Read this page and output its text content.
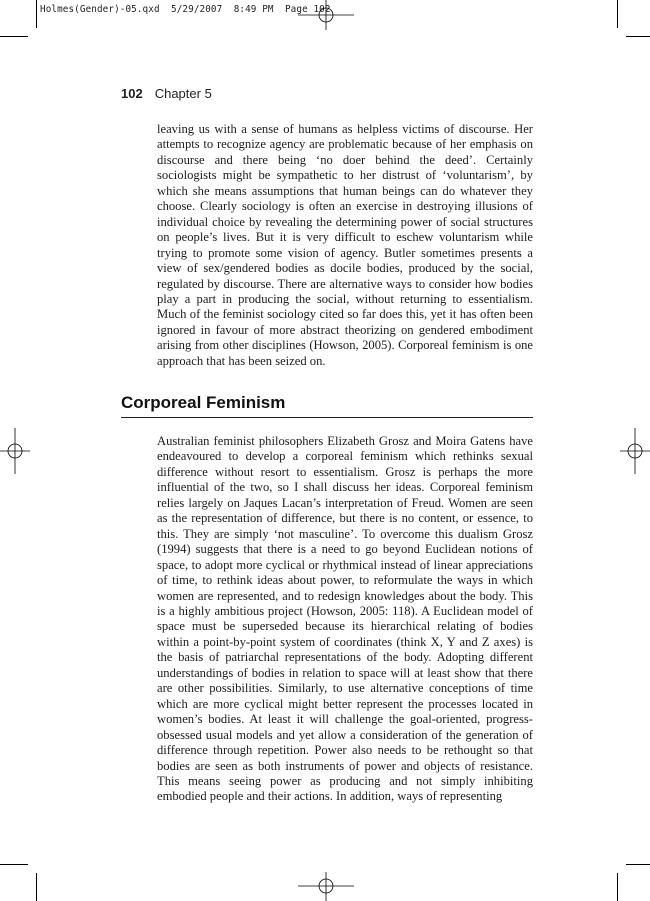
Holmes(Gender)-05.qxd  5/29/2007  8:49 PM  Page 102
102 Chapter 5

leaving us with a sense of humans as helpless victims of discourse. Her attempts to recognize agency are problematic because of her emphasis on discourse and there being ‘no doer behind the deed’. Certainly sociologists might be sympathetic to her distrust of ‘voluntarism’, by which she means assumptions that human beings can do whatever they choose. Clearly sociology is often an exercise in destroying illusions of individual choice by revealing the determining power of social structures on people’s lives. But it is very difficult to eschew voluntarism while trying to promote some vision of agency. Butler sometimes presents a view of sex/gendered bodies as docile bodies, produced by the social, regulated by discourse. There are alternative ways to consider how bodies play a part in producing the social, without returning to essentialism. Much of the feminist sociology cited so far does this, yet it has often been ignored in favour of more abstract theorizing on gendered embodiment arising from other disciplines (Howson, 2005). Corporeal feminism is one approach that has been seized on.

Corporeal Feminism

Australian feminist philosophers Elizabeth Grosz and Moira Gatens have endeavoured to develop a corporeal feminism which rethinks sexual difference without resort to essentialism. Grosz is perhaps the more influential of the two, so I shall discuss her ideas. Corporeal feminism relies largely on Jaques Lacan’s interpretation of Freud. Women are seen as the representation of difference, but there is no content, or essence, to this. They are simply ‘not masculine’. To overcome this dualism Grosz (1994) suggests that there is a need to go beyond Euclidean notions of space, to adopt more cyclical or rhythmical instead of linear appreciations of time, to rethink ideas about power, to reformulate the ways in which women are represented, and to redesign knowledges about the body. This is a highly ambitious project (Howson, 2005: 118). A Euclidean model of space must be superseded because its hierarchical relating of bodies within a point-by-point system of coordinates (think X, Y and Z axes) is the basis of patriarchal representations of the body. Adopting different understandings of bodies in relation to space will at least show that there are other possibilities. Similarly, to use alternative conceptions of time which are more cyclical might better represent the processes located in women’s bodies. At least it will challenge the goal-oriented, progress-obsessed usual models and yet allow a consideration of the generation of difference through repetition. Power also needs to be rethought so that bodies are seen as both instruments of power and objects of resistance. This means seeing power as producing and not simply inhibiting embodied people and their actions. In addition, ways of representing
